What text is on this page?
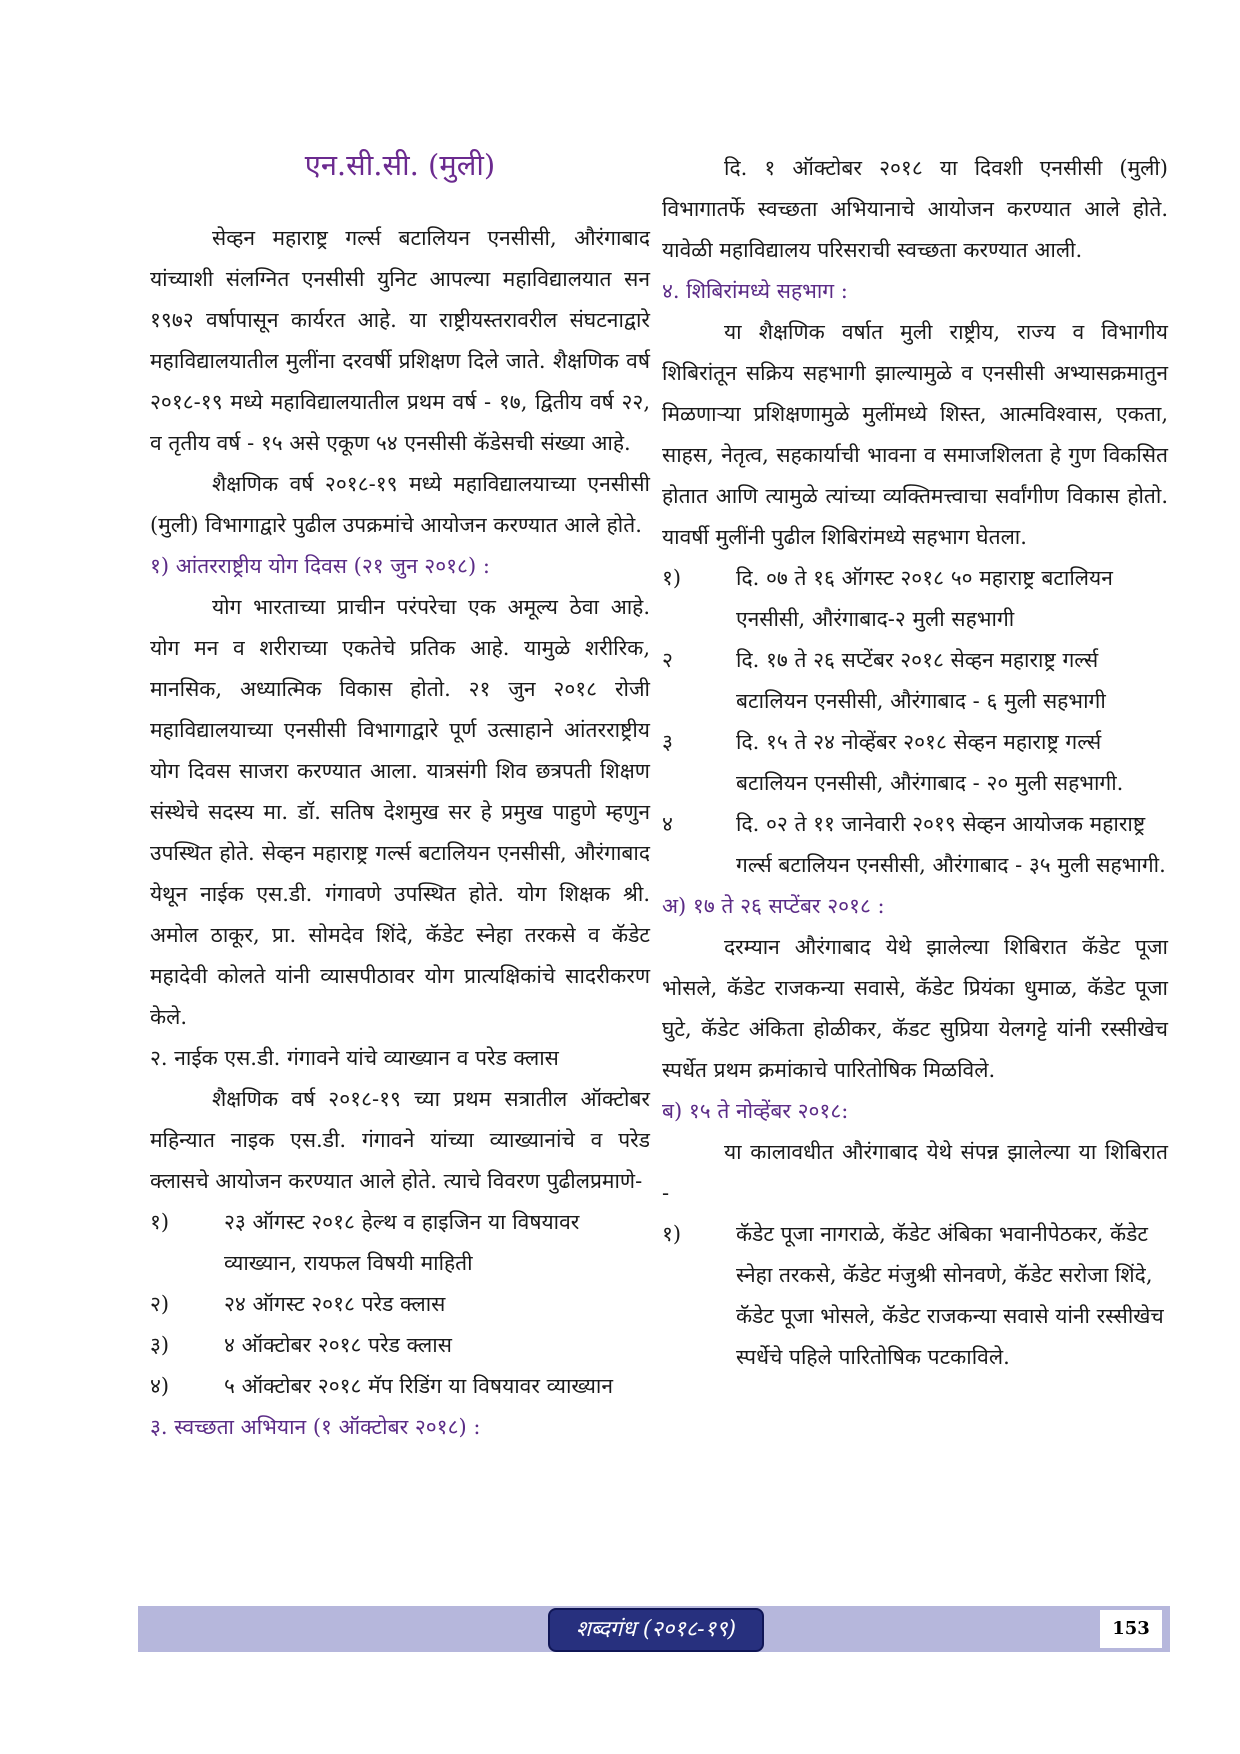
एन.सी.सी. (मुली)

सेव्हन महाराष्ट्र गर्ल्स बटालियन एनसीसी, औरंगाबाद यांच्याशी संलग्नित एनसीसी युनिट आपल्या महाविद्यालयात सन १९७२ वर्षापासून कार्यरत आहे. या राष्ट्रीयस्तरावरील संघटनाद्वारे महाविद्यालयातील मुलींना दरवर्षी प्रशिक्षण दिले जाते. शैक्षणिक वर्ष २०१८-१९ मध्ये महाविद्यालयातील प्रथम वर्ष - १७, द्वितीय वर्ष २२, व तृतीय वर्ष - १५ असे एकूण ५४ एनसीसी कॅडेसची संख्या आहे.

शैक्षणिक वर्ष २०१८-१९ मध्ये महाविद्यालयाच्या एनसीसी (मुली) विभागाद्वारे पुढील उपक्रमांचे आयोजन करण्यात आले होते.

१) आंतरराष्ट्रीय योग दिवस (२१ जुन २०१८) :

योग भारताच्या प्राचीन परंपरेचा एक अमूल्य ठेवा आहे. योग मन व शरीराच्या एकतेचे प्रतिक आहे. यामुळे शरीरिक, मानसिक, अध्यात्मिक विकास होतो. २१ जुन २०१८ रोजी महाविद्यालयाच्या एनसीसी विभागाद्वारे पूर्ण उत्साहाने आंतरराष्ट्रीय योग दिवस साजरा करण्यात आला. यात्रसंगी शिव छत्रपती शिक्षण संस्थेचे सदस्य मा. डॉ. सतिष देशमुख सर हे प्रमुख पाहुणे म्हणुन उपस्थित होते. सेव्हन महाराष्ट्र गर्ल्स बटालियन एनसीसी, औरंगाबाद येथून नाईक एस.डी. गंगावणे उपस्थित होते. योग शिक्षक श्री. अमोल ठाकूर, प्रा. सोमदेव शिंदे, कॅडेट स्नेहा तरकसे व कॅडेट महादेवी कोलते यांनी व्यासपीठावर योग प्रात्यक्षिकांचे सादरीकरण केले.

२. नाईक एस.डी. गंगावने यांचे व्याख्यान व परेड क्लास

शैक्षणिक वर्ष २०१८-१९ च्या प्रथम सत्रातील ऑक्टोबर महिन्यात नाइक एस.डी. गंगावने यांच्या व्याख्यानांचे व परेड क्लासचे आयोजन करण्यात आले होते. त्याचे विवरण पुढीलप्रमाणे-

१)	२३ ऑगस्ट २०१८ हेल्थ व हाइजिन या विषयावर व्याख्यान, रायफल विषयी माहिती
२)	२४ ऑगस्ट २०१८ परेड क्लास
३)	४ ऑक्टोबर २०१८ परेड क्लास
४)	५ ऑक्टोबर २०१८ मॅप रिडिंग या विषयावर व्याख्यान

३. स्वच्छता अभियान (१ ऑक्टोबर २०१८) :

दि. १ ऑक्टोबर २०१८ या दिवशी एनसीसी (मुली) विभागातर्फे स्वच्छता अभियानाचे आयोजन करण्यात आले होते. यावेळी महाविद्यालय परिसराची स्वच्छता करण्यात आली.

४. शिबिरांमध्ये सहभाग :

या शैक्षणिक वर्षात मुली राष्ट्रीय, राज्य व विभागीय शिबिरांतून सक्रिय सहभागी झाल्यामुळे व एनसीसी अभ्यासक्रमातुन मिळणाऱ्या प्रशिक्षणामुळे मुलींमध्ये शिस्त, आत्मविश्वास, एकता, साहस, नेतृत्व, सहकार्याची भावना व समाजशिलता हे गुण विकसित होतात आणि त्यामुळे त्यांच्या व्यक्तिमत्त्वाचा सर्वांगीण विकास होतो. यावर्षी मुलींनी पुढील शिबिरांमध्ये सहभाग घेतला.

१)	दि. ०७ ते १६ ऑगस्ट २०१८ ५० महाराष्ट्र बटालियन एनसीसी, औरंगाबाद-२ मुली सहभागी
२	दि. १७ ते २६ सप्टेंबर २०१८ सेव्हन महाराष्ट्र गर्ल्स बटालियन एनसीसी, औरंगाबाद - ६ मुली सहभागी
३	दि. १५ ते २४ नोव्हेंबर २०१८ सेव्हन महाराष्ट्र गर्ल्स बटालियन एनसीसी, औरंगाबाद - २० मुली सहभागी.
४	दि. ०२ ते ११ जानेवारी २०१९ सेव्हन आयोजक महाराष्ट्र गर्ल्स बटालियन एनसीसी, औरंगाबाद - ३५ मुली सहभागी.

अ) १७ ते २६ सप्टेंबर २०१८ :

दरम्यान औरंगाबाद येथे झालेल्या शिबिरात कॅडेट पूजा भोसले, कॅडेट राजकन्या सवासे, कॅडेट प्रियंका धुमाळ, कॅडेट पूजा घुटे, कॅडेट अंकिता होळीकर, कॅडट सुप्रिया येलगट्टे यांनी रस्सीखेच स्पर्धेत प्रथम क्रमांकाचे पारितोषिक मिळविले.

ब) १५ ते नोव्हेंबर २०१८:

या कालावधीत औरंगाबाद येथे संपन्न झालेल्या या शिबिरात -

१)	कॅडेट पूजा नागराळे, कॅडेट अंबिका भवानीपेठकर, कॅडेट स्नेहा तरकसे, कॅडेट मंजुश्री सोनवणे, कॅडेट सरोजा शिंदे, कॅडेट पूजा भोसले, कॅडेट राजकन्या सवासे यांनी रस्सीखेच स्पर्धेचे पहिले पारितोषिक पटकाविले.
शब्दगंध (२०१८-१९)	153
